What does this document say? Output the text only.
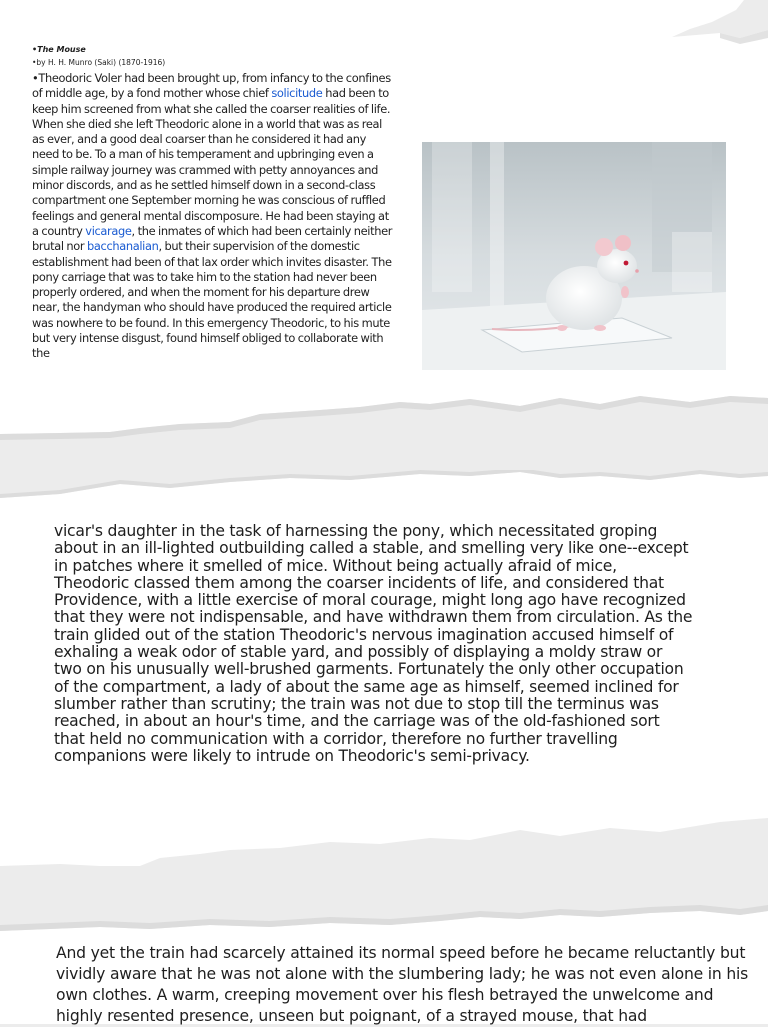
•The Mouse
•by H. H. Munro (Saki) (1870-1916)

•Theodoric Voler had been brought up, from infancy to the confines of middle age, by a fond mother whose chief solicitude had been to keep him screened from what she called the coarser realities of life. When she died she left Theodoric alone in a world that was as real as ever, and a good deal coarser than he considered it had any need to be. To a man of his temperament and upbringing even a simple railway journey was crammed with petty annoyances and minor discords, and as he settled himself down in a second-class compartment one September morning he was conscious of ruffled feelings and general mental discomposure. He had been staying at a country vicarage, the inmates of which had been certainly neither brutal nor bacchanalian, but their supervision of the domestic establishment had been of that lax order which invites disaster. The pony carriage that was to take him to the station had never been properly ordered, and when the moment for his departure drew near, the handyman who should have produced the required article was nowhere to be found. In this emergency Theodoric, to his mute but very intense disgust, found himself obliged to collaborate with the

vicar's daughter in the task of harnessing the pony, which necessitated groping about in an ill-lighted outbuilding called a stable, and smelling very like one--except in patches where it smelled of mice. Without being actually afraid of mice, Theodoric classed them among the coarser incidents of life, and considered that Providence, with a little exercise of moral courage, might long ago have recognized that they were not indispensable, and have withdrawn them from circulation. As the train glided out of the station Theodoric's nervous imagination accused himself of exhaling a weak odor of stable yard, and possibly of displaying a moldy straw or two on his unusually well-brushed garments. Fortunately the only other occupation of the compartment, a lady of about the same age as himself, seemed inclined for slumber rather than scrutiny; the train was not due to stop till the terminus was reached, in about an hour's time, and the carriage was of the old-fashioned sort that held no communication with a corridor, therefore no further travelling companions were likely to intrude on Theodoric's semi-privacy.

And yet the train had scarcely attained its normal speed before he became reluctantly but vividly aware that he was not alone with the slumbering lady; he was not even alone in his own clothes. A warm, creeping movement over his flesh betrayed the unwelcome and highly resented presence, unseen but poignant, of a strayed mouse, that had
